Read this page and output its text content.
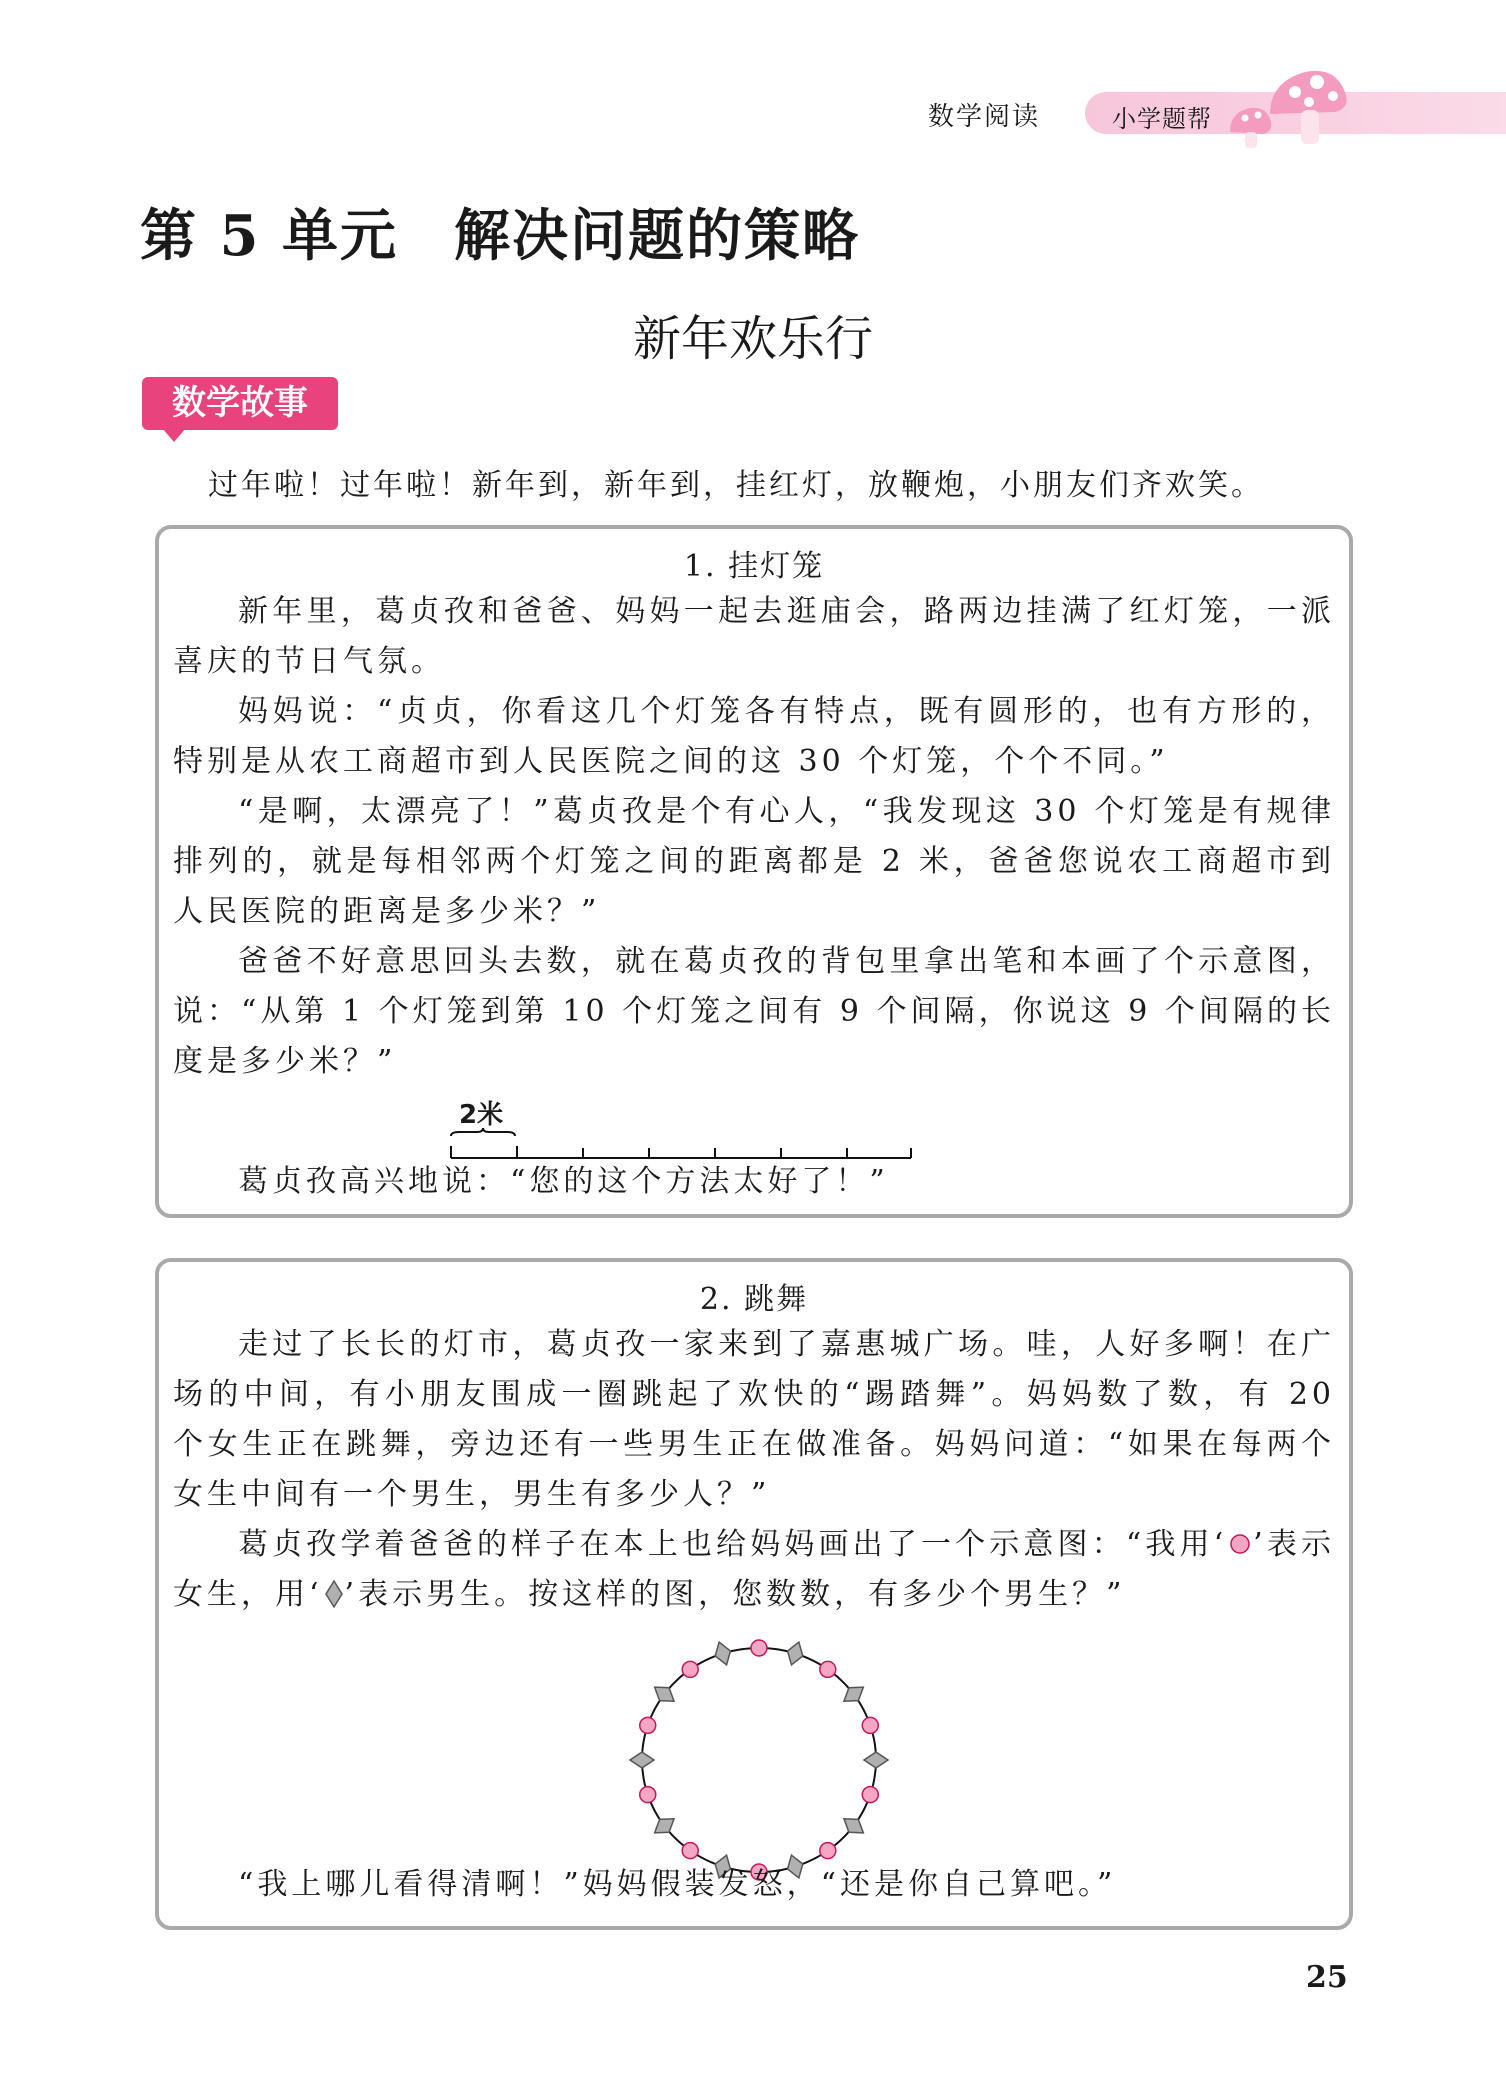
数学阅读	小学题帮
第 5 单元 解决问题的策略
新年欢乐行
数学故事
过年啦！过年啦！新年到，新年到，挂红灯，放鞭炮，小朋友们齐欢笑。
1. 挂灯笼
新年里，葛贞孜和爸爸、妈妈一起去逛庙会，路两边挂满了红灯笼，一派喜庆的节日气氛。
妈妈说：“贞贞，你看这几个灯笼各有特点，既有圆形的，也有方形的，特别是从农工商超市到人民医院之间的这 30 个灯笼，个个不同。”
“是啊，太漂亮了！”葛贞孜是个有心人，“我发现这 30 个灯笼是有规律排列的，就是每相邻两个灯笼之间的距离都是 2 米，爸爸您说农工商超市到人民医院的距离是多少米？”
爸爸不好意思回头去数，就在葛贞孜的背包里拿出笔和本画了个示意图，说：“从第 1 个灯笼到第 10 个灯笼之间有 9 个间隔，你说这 9 个间隔的长度是多少米？”
2米
葛贞孜高兴地说：“您的这个方法太好了！”
2. 跳舞
走过了长长的灯市，葛贞孜一家来到了嘉惠城广场。哇，人好多啊！在广场的中间，有小朋友围成一圈跳起了欢快的“踢踏舞”。妈妈数了数，有 20 个女生正在跳舞，旁边还有一些男生正在做准备。妈妈问道：“如果在每两个女生中间有一个男生，男生有多少人？”
葛贞孜学着爸爸的样子在本上也给妈妈画出了一个示意图：“我用‘ ’表示女生，用‘ ’表示男生。按这样的图，您数数，有多少个男生？”
“我上哪儿看得清啊！”妈妈假装发怒，“还是你自己算吧。”
25
